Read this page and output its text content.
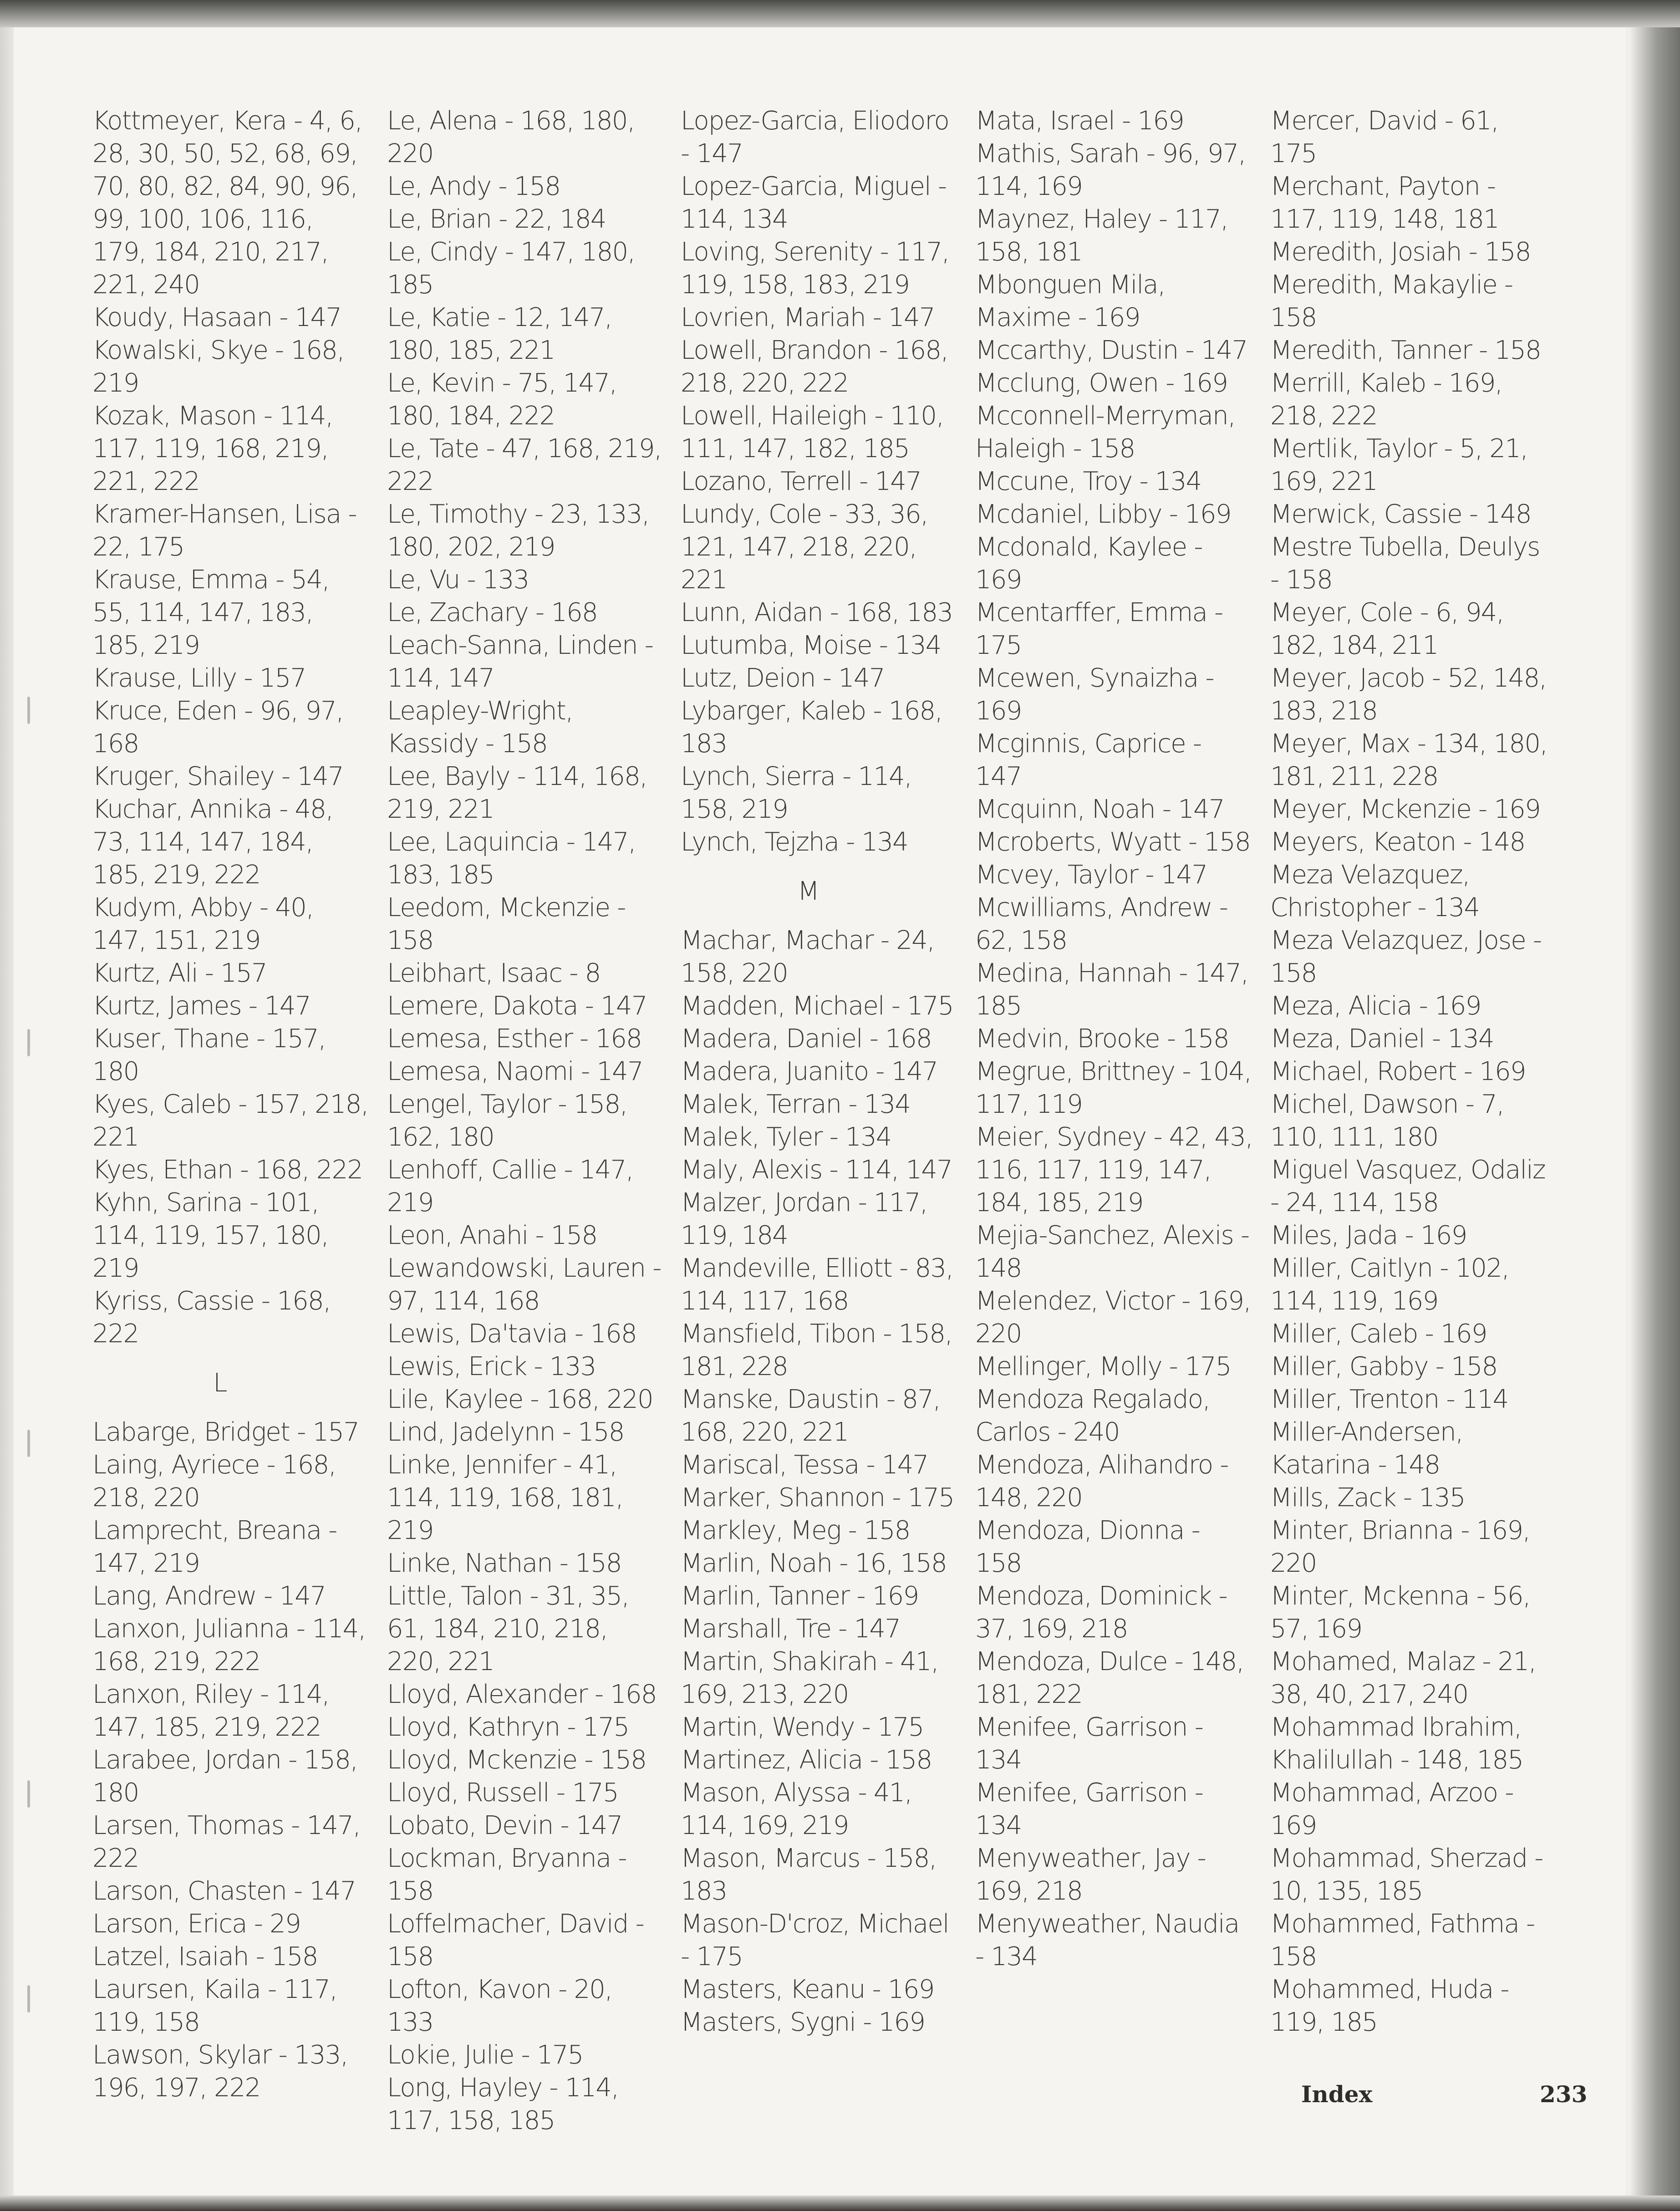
Kottmeyer, Kera - 4, 6, 28, 30, 50, 52, 68, 69, 70, 80, 82, 84, 90, 96, 99, 100, 106, 116, 179, 184, 210, 217, 221, 240
Koudy, Hasaan - 147
Kowalski, Skye - 168, 219
Kozak, Mason - 114, 117, 119, 168, 219, 221, 222
Kramer-Hansen, Lisa - 22, 175
Krause, Emma - 54, 55, 114, 147, 183, 185, 219
Krause, Lilly - 157
Kruce, Eden - 96, 97, 168
Kruger, Shailey - 147
Kuchar, Annika - 48, 73, 114, 147, 184, 185, 219, 222
Kudym, Abby - 40, 147, 151, 219
Kurtz, Ali - 157
Kurtz, James - 147
Kuser, Thane - 157, 180
Kyes, Caleb - 157, 218, 221
Kyes, Ethan - 168, 222
Kyhn, Sarina - 101, 114, 119, 157, 180, 219
Kyriss, Cassie - 168, 222
L
Labarge, Bridget - 157
Laing, Ayriece - 168, 218, 220
Lamprecht, Breana - 147, 219
Lang, Andrew - 147
Lanxon, Julianna - 114, 168, 219, 222
Lanxon, Riley - 114, 147, 185, 219, 222
Larabee, Jordan - 158, 180
Larsen, Thomas - 147, 222
Larson, Chasten - 147
Larson, Erica - 29
Latzel, Isaiah - 158
Laursen, Kaila - 117, 119, 158
Lawson, Skylar - 133, 196, 197, 222
Le, Alena - 168, 180, 220
Le, Andy - 158
Le, Brian - 22, 184
Le, Cindy - 147, 180, 185
Le, Katie - 12, 147, 180, 185, 221
Le, Kevin - 75, 147, 180, 184, 222
Le, Tate - 47, 168, 219, 222
Le, Timothy - 23, 133, 180, 202, 219
Le, Vu - 133
Le, Zachary - 168
Leach-Sanna, Linden - 114, 147
Leapley-Wright, Kassidy - 158
Lee, Bayly - 114, 168, 219, 221
Lee, Laquincia - 147, 183, 185
Leedom, Mckenzie - 158
Leibhart, Isaac - 8
Lemere, Dakota - 147
Lemesa, Esther - 168
Lemesa, Naomi - 147
Lengel, Taylor - 158, 162, 180
Lenhoff, Callie - 147, 219
Leon, Anahi - 158
Lewandowski, Lauren - 97, 114, 168
Lewis, Da'tavia - 168
Lewis, Erick - 133
Lile, Kaylee - 168, 220
Lind, Jadelynn - 158
Linke, Jennifer - 41, 114, 119, 168, 181, 219
Linke, Nathan - 158
Little, Talon - 31, 35, 61, 184, 210, 218, 220, 221
Lloyd, Alexander - 168
Lloyd, Kathryn - 175
Lloyd, Mckenzie - 158
Lloyd, Russell - 175
Lobato, Devin - 147
Lockman, Bryanna - 158
Loffelmacher, David - 158
Lofton, Kavon - 20, 133
Lokie, Julie - 175
Long, Hayley - 114, 117, 158, 185
Lopez-Garcia, Eliodoro - 147
Lopez-Garcia, Miguel - 114, 134
Loving, Serenity - 117, 119, 158, 183, 219
Lovrien, Mariah - 147
Lowell, Brandon - 168, 218, 220, 222
Lowell, Haileigh - 110, 111, 147, 182, 185
Lozano, Terrell - 147
Lundy, Cole - 33, 36, 121, 147, 218, 220, 221
Lunn, Aidan - 168, 183
Lutumba, Moise - 134
Lutz, Deion - 147
Lybarger, Kaleb - 168, 183
Lynch, Sierra - 114, 158, 219
Lynch, Tejzha - 134
M
Machar, Machar - 24, 158, 220
Madden, Michael - 175
Madera, Daniel - 168
Madera, Juanito - 147
Malek, Terran - 134
Malek, Tyler - 134
Maly, Alexis - 114, 147
Malzer, Jordan - 117, 119, 184
Mandeville, Elliott - 83, 114, 117, 168
Mansfield, Tibon - 158, 181, 228
Manske, Daustin - 87, 168, 220, 221
Mariscal, Tessa - 147
Marker, Shannon - 175
Markley, Meg - 158
Marlin, Noah - 16, 158
Marlin, Tanner - 169
Marshall, Tre - 147
Martin, Shakirah - 41, 169, 213, 220
Martin, Wendy - 175
Martinez, Alicia - 158
Mason, Alyssa - 41, 114, 169, 219
Mason, Marcus - 158, 183
Mason-D'croz, Michael - 175
Masters, Keanu - 169
Masters, Sygni - 169
Mata, Israel - 169
Mathis, Sarah - 96, 97, 114, 169
Maynez, Haley - 117, 158, 181
Mbonguen Mila, Maxime - 169
Mccarthy, Dustin - 147
Mcclung, Owen - 169
Mcconnell-Merryman, Haleigh - 158
Mccune, Troy - 134
Mcdaniel, Libby - 169
Mcdonald, Kaylee - 169
Mcentarffer, Emma - 175
Mcewen, Synaizha - 169
Mcginnis, Caprice - 147
Mcquinn, Noah - 147
Mcroberts, Wyatt - 158
Mcvey, Taylor - 147
Mcwilliams, Andrew - 62, 158
Medina, Hannah - 147, 185
Medvin, Brooke - 158
Megrue, Brittney - 104, 117, 119
Meier, Sydney - 42, 43, 116, 117, 119, 147, 184, 185, 219
Mejia-Sanchez, Alexis - 148
Melendez, Victor - 169, 220
Mellinger, Molly - 175
Mendoza Regalado, Carlos - 240
Mendoza, Alihandro - 148, 220
Mendoza, Dionna - 158
Mendoza, Dominick - 37, 169, 218
Mendoza, Dulce - 148, 181, 222
Menifee, Garrison - 134
Menifee, Garrison - 134
Menyweather, Jay - 169, 218
Menyweather, Naudia - 134
Mercer, David - 61, 175
Merchant, Payton - 117, 119, 148, 181
Meredith, Josiah - 158
Meredith, Makaylie - 158
Meredith, Tanner - 158
Merrill, Kaleb - 169, 218, 222
Mertlik, Taylor - 5, 21, 169, 221
Merwick, Cassie - 148
Mestre Tubella, Deulys - 158
Meyer, Cole - 6, 94, 182, 184, 211
Meyer, Jacob - 52, 148, 183, 218
Meyer, Max - 134, 180, 181, 211, 228
Meyer, Mckenzie - 169
Meyers, Keaton - 148
Meza Velazquez, Christopher - 134
Meza Velazquez, Jose - 158
Meza, Alicia - 169
Meza, Daniel - 134
Michael, Robert - 169
Michel, Dawson - 7, 110, 111, 180
Miguel Vasquez, Odaliz - 24, 114, 158
Miles, Jada - 169
Miller, Caitlyn - 102, 114, 119, 169
Miller, Caleb - 169
Miller, Gabby - 158
Miller, Trenton - 114
Miller-Andersen, Katarina - 148
Mills, Zack - 135
Minter, Brianna - 169, 220
Minter, Mckenna - 56, 57, 169
Mohamed, Malaz - 21, 38, 40, 217, 240
Mohammad Ibrahim, Khalilullah - 148, 185
Mohammad, Arzoo - 169
Mohammad, Sherzad - 10, 135, 185
Mohammed, Fathma - 158
Mohammed, Huda - 119, 185
Index	233
